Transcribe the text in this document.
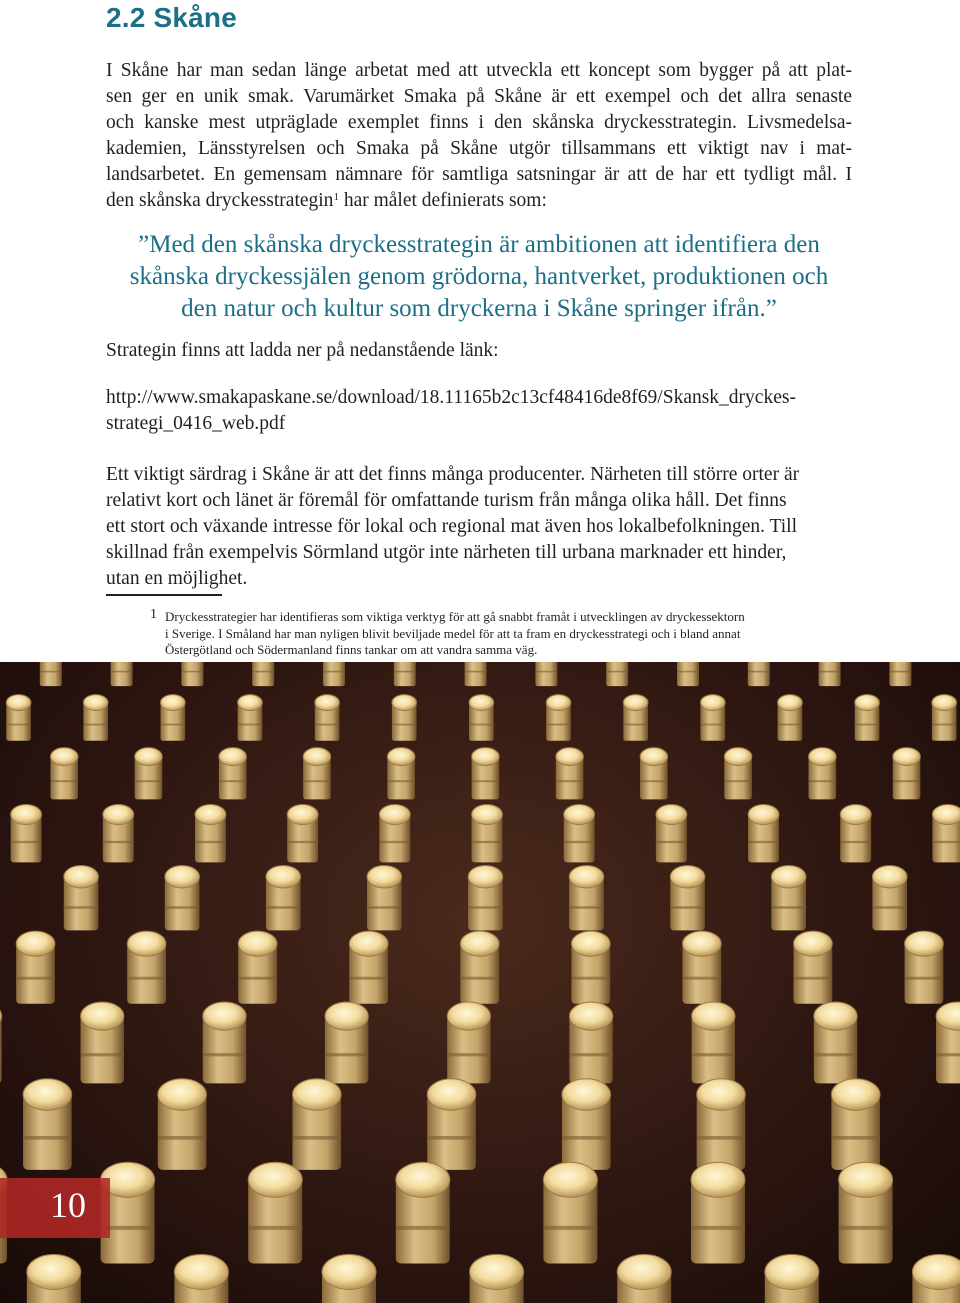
2.2 Skåne

I Skåne har man sedan länge arbetat med att utveckla ett koncept som bygger på att plat-
sen ger en unik smak. Varumärket Smaka på Skåne är ett exempel och det allra senaste
och kanske mest utpräglade exemplet finns i den skånska dryckesstrategin. Livsmedelsa-
kademien, Länsstyrelsen och Smaka på Skåne utgör tillsammans ett viktigt nav i mat-
landsarbetet. En gemensam nämnare för samtliga satsningar är att de har ett tydligt mål. I
den skånska dryckesstrategin$^1$ har målet definierats som:

”Med den skånska dryckesstrategin är ambitionen att identifiera den
skånska dryckessjälen genom grödorna, hantverket, produktionen och
den natur och kultur som dryckerna i Skåne springer ifrån.”

Strategin finns att ladda ner på nedanstående länk:

http://www.smakapaskane.se/download/18.11165b2c13cf48416de8f69/Skansk_dryckes-
strategi_0416_web.pdf

Ett viktigt särdrag i Skåne är att det finns många producenter. Närheten till större orter är
relativt kort och länet är föremål för omfattande turism från många olika håll. Det finns
ett stort och växande intresse för lokal och regional mat även hos lokalbefolkningen. Till
skillnad från exempelvis Sörmland utgör inte närheten till urbana marknader ett hinder,
utan en möjlighet.

1 Dryckesstrategier har identifieras som viktiga verktyg för att gå snabbt framåt i utvecklingen av dryckessektorn
i Sverige. I Småland har man nyligen blivit beviljade medel för att ta fram en dryckesstrategi och i bland annat
Östergötland och Södermanland finns tankar om att vandra samma väg.
10
